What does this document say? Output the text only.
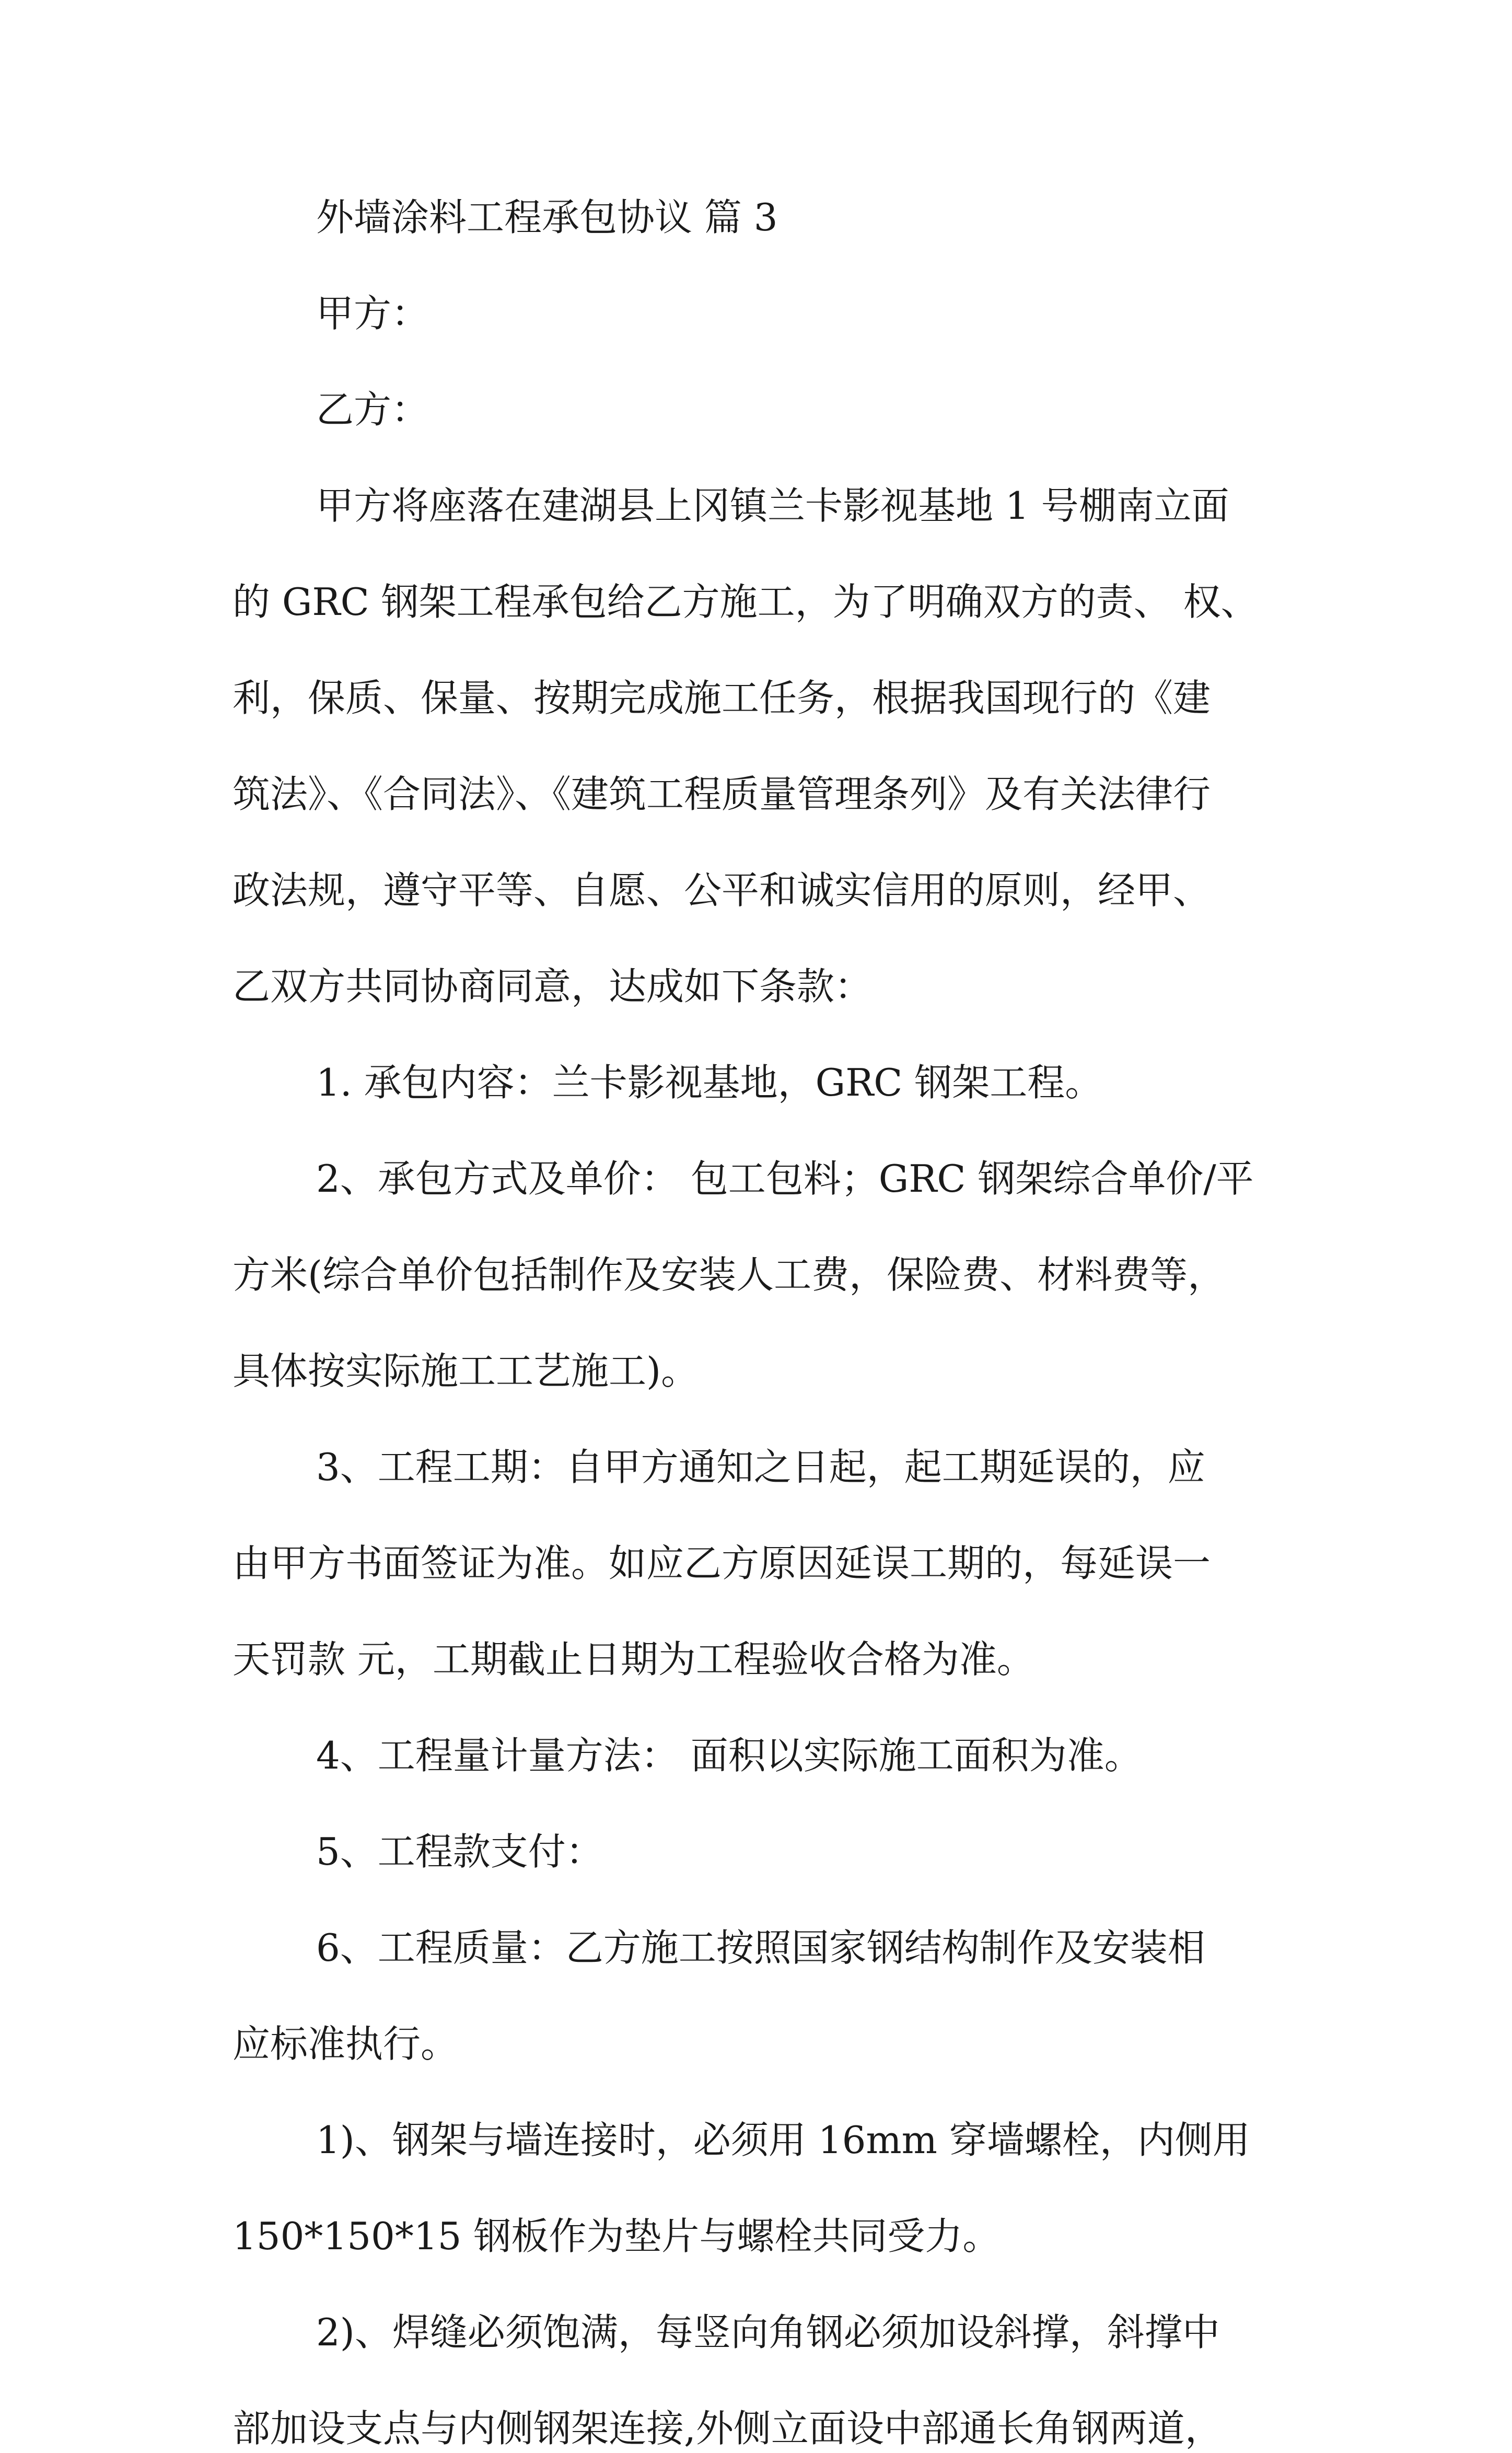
外墙涂料工程承包协议 篇 3
甲方：
乙方：
甲方将座落在建湖县上冈镇兰卡影视基地 1 号棚南立面
的 GRC 钢架工程承包给乙方施工，为了明确双方的责、 权、
利，保质、保量、按期完成施工任务，根据我国现行的《建
筑法》、《合同法》、《建筑工程质量管理条列》及有关法律行
政法规，遵守平等、自愿、公平和诚实信用的原则，经甲、
乙双方共同协商同意，达成如下条款：
1. 承包内容：兰卡影视基地，GRC 钢架工程。
2、承包方式及单价： 包工包料；GRC 钢架综合单价/平
方米(综合单价包括制作及安装人工费，保险费、材料费等，
具体按实际施工工艺施工)。
3、工程工期：自甲方通知之日起，起工期延误的，应
由甲方书面签证为准。如应乙方原因延误工期的，每延误一
天罚款 元，工期截止日期为工程验收合格为准。
4、工程量计量方法： 面积以实际施工面积为准。
5、工程款支付：
6、工程质量：乙方施工按照国家钢结构制作及安装相
应标准执行。
1)、钢架与墙连接时，必须用 16mm 穿墙螺栓，内侧用
150*150*15 钢板作为垫片与螺栓共同受力。
2)、焊缝必须饱满，每竖向角钢必须加设斜撑，斜撑中
部加设支点与内侧钢架连接,外侧立面设中部通长角钢两道，
